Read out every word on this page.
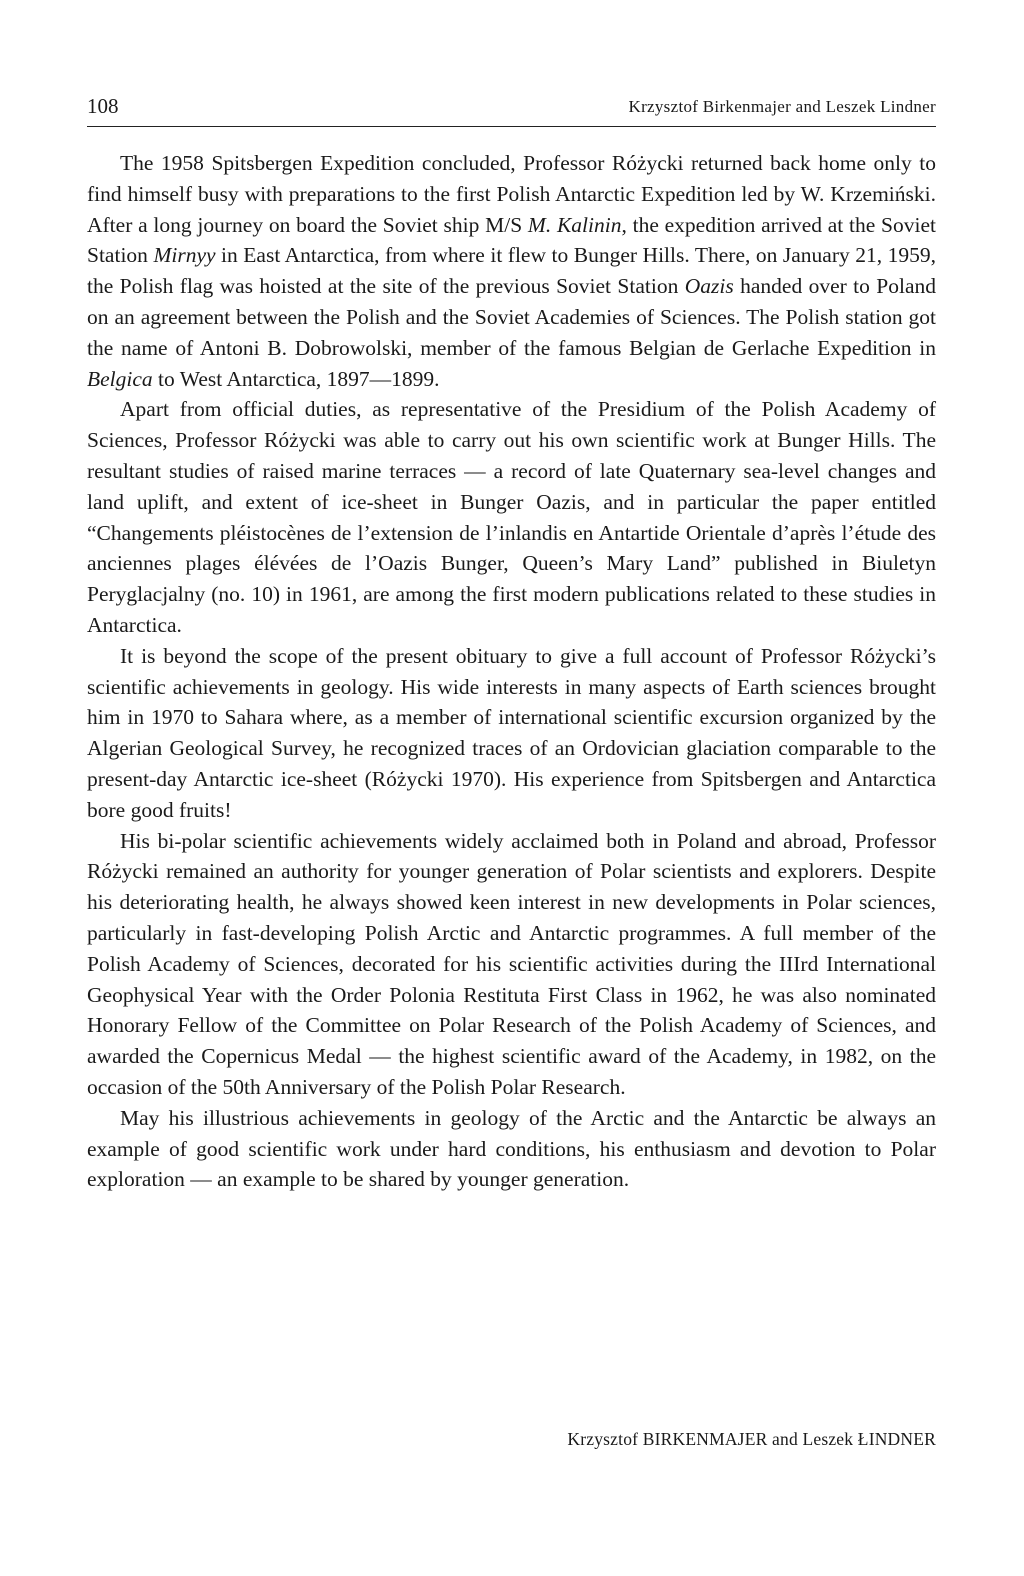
108	Krzysztof Birkenmajer and Leszek Lindner

The 1958 Spitsbergen Expedition concluded, Professor Różycki returned back home only to find himself busy with preparations to the first Polish Antarctic Expedition led by W. Krzemiński. After a long journey on board the Soviet ship M/S M. Kalinin, the expedition arrived at the Soviet Station Mirnyy in East Antarctica, from where it flew to Bunger Hills. There, on January 21, 1959, the Polish flag was hoisted at the site of the previous Soviet Station Oazis handed over to Poland on an agreement between the Polish and the Soviet Academies of Sciences. The Polish station got the name of Antoni B. Dobrowolski, member of the famous Belgian de Gerlache Expedition in Belgica to West Antarctica, 1897—1899.

Apart from official duties, as representative of the Presidium of the Polish Academy of Sciences, Professor Różycki was able to carry out his own scientific work at Bunger Hills. The resultant studies of raised marine terraces — a record of late Quaternary sea-level changes and land uplift, and extent of ice-sheet in Bunger Oazis, and in particular the paper entitled “Changements pléistocènes de l’extension de l’inlandis en Antartide Orientale d’après l’étude des anciennes plages élévées de l’Oazis Bunger, Queen’s Mary Land” published in Biuletyn Peryglacjalny (no. 10) in 1961, are among the first modern publications related to these studies in Antarctica.

It is beyond the scope of the present obituary to give a full account of Professor Różycki’s scientific achievements in geology. His wide interests in many aspects of Earth sciences brought him in 1970 to Sahara where, as a member of international scientific excursion organized by the Algerian Geological Survey, he recognized traces of an Ordovician glaciation comparable to the present-day Antarctic ice-sheet (Różycki 1970). His experience from Spitsbergen and Antarctica bore good fruits!

His bi-polar scientific achievements widely acclaimed both in Poland and abroad, Professor Różycki remained an authority for younger generation of Polar scientists and explorers. Despite his deteriorating health, he always showed keen interest in new developments in Polar sciences, particularly in fast-developing Polish Arctic and Antarctic programmes. A full member of the Polish Academy of Sciences, decorated for his scientific activities during the IIIrd International Geophysical Year with the Order Polonia Restituta First Class in 1962, he was also nominated Honorary Fellow of the Committee on Polar Research of the Polish Academy of Sciences, and awarded the Copernicus Medal — the highest scientific award of the Academy, in 1982, on the occasion of the 50th Anniversary of the Polish Polar Research.

May his illustrious achievements in geology of the Arctic and the Antarctic be always an example of good scientific work under hard conditions, his enthusiasm and devotion to Polar exploration — an example to be shared by younger generation.

Krzysztof BIRKENMAJER and Leszek ŁINDNER
